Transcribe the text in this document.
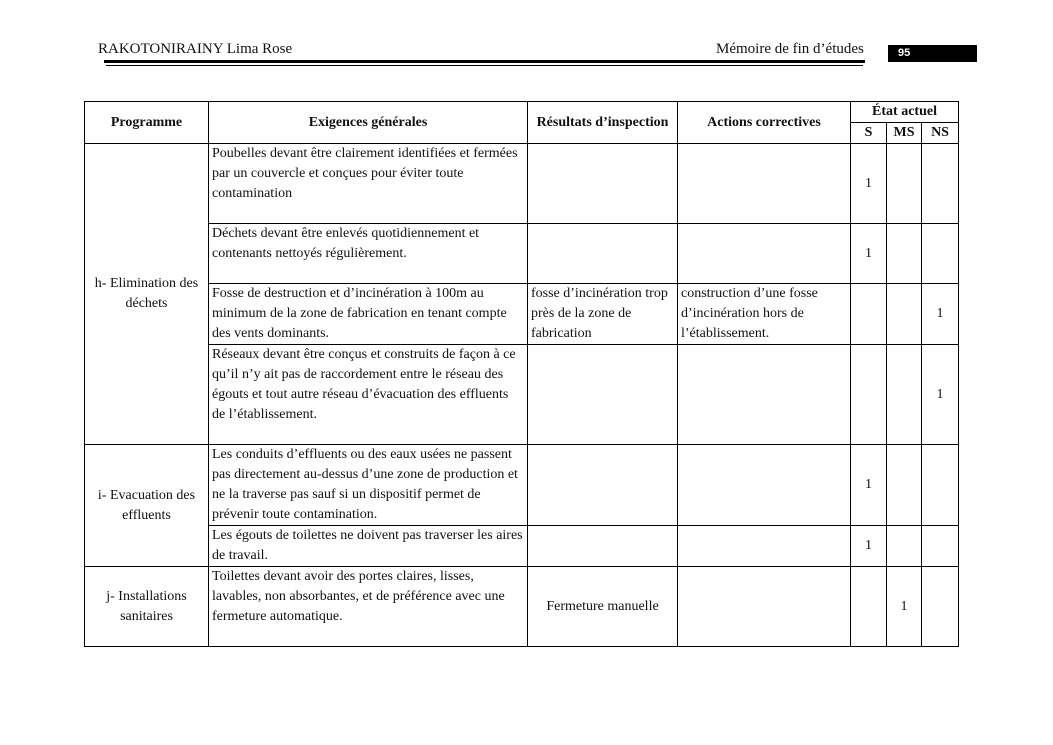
RAKOTONIRAINY Lima Rose	Mémoire de fin d’études	95
Programme	Exigences générales	Résultats d’inspection	Actions correctives	État actuel		
				S	MS	NS
h- Elimination des déchets	Poubelles devant être clairement identifiées et fermées par un couvercle et conçues pour éviter toute contamination			1		
	Déchets devant être enlevés quotidiennement et contenants nettoyés régulièrement.			1		
	Fosse de destruction et d’incinération à 100m au minimum de la zone de fabrication en tenant compte des vents dominants.	fosse d’incinération trop près de la zone de fabrication	construction d’une fosse d’incinération hors de l’établissement.			1
	Réseaux devant être conçus et construits de façon à ce qu’il n’y ait pas de raccordement entre le réseau des égouts et tout autre réseau d’évacuation des effluents de l’établissement.					1
i- Evacuation des effluents	Les conduits d’effluents ou des eaux usées ne passent pas directement au-dessus d’une zone de production et ne la traverse pas sauf si un dispositif permet de prévenir toute contamination.			1		
	Les égouts de toilettes ne doivent pas traverser les aires de travail.			1		
j- Installations sanitaires	Toilettes devant avoir des portes claires, lisses, lavables, non absorbantes, et de préférence avec une fermeture automatique.	Fermeture manuelle			1	
